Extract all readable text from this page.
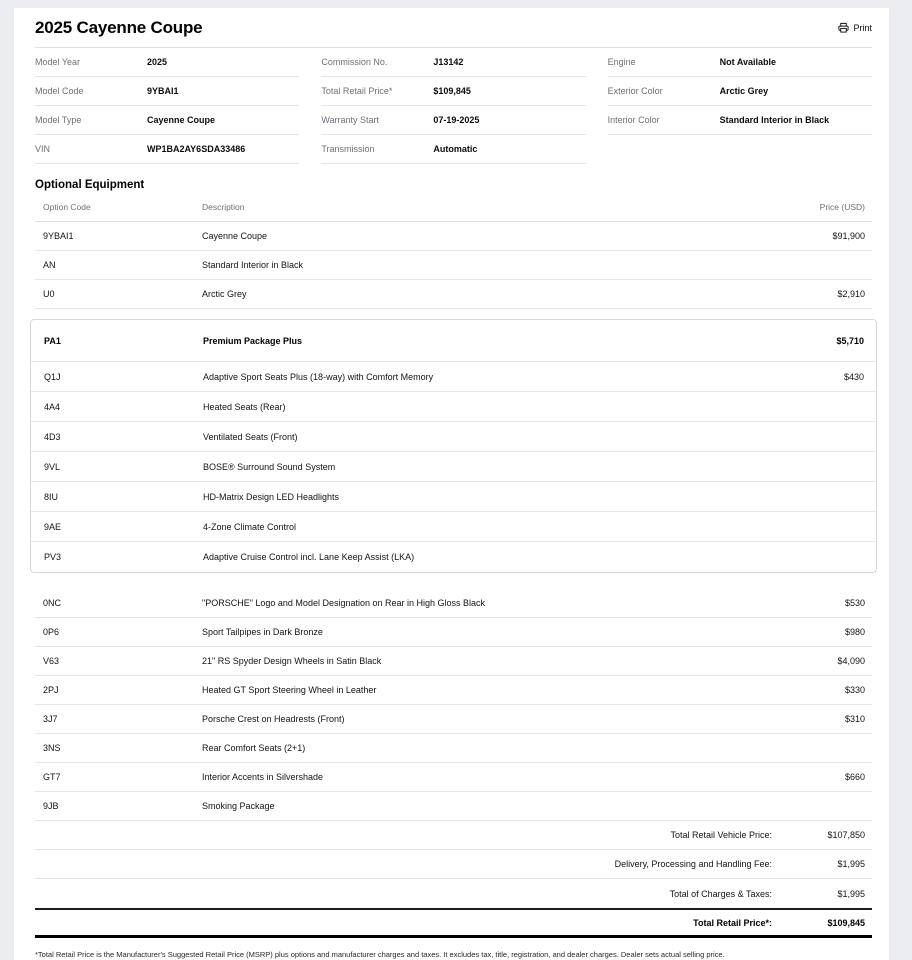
2025 Cayenne Coupe	Print
Model Year	2025
Model Code	9YBAI1
Model Type	Cayenne Coupe
VIN	WP1BA2AY6SDA33486
Commission No.	J13142
Total Retail Price*	$109,845
Warranty Start	07-19-2025
Transmission	Automatic
Engine	Not Available
Exterior Color	Arctic Grey
Interior Color	Standard Interior in Black
Optional Equipment
Option Code	Description	Price (USD)
9YBAI1	Cayenne Coupe	$91,900
AN	Standard Interior in Black
U0	Arctic Grey	$2,910
PA1	Premium Package Plus	$5,710
Q1J	Adaptive Sport Seats Plus (18-way) with Comfort Memory	$430
4A4	Heated Seats (Rear)
4D3	Ventilated Seats (Front)
9VL	BOSE® Surround Sound System
8IU	HD-Matrix Design LED Headlights
9AE	4-Zone Climate Control
PV3	Adaptive Cruise Control incl. Lane Keep Assist (LKA)
0NC	"PORSCHE" Logo and Model Designation on Rear in High Gloss Black	$530
0P6	Sport Tailpipes in Dark Bronze	$980
V63	21" RS Spyder Design Wheels in Satin Black	$4,090
2PJ	Heated GT Sport Steering Wheel in Leather	$330
3J7	Porsche Crest on Headrests (Front)	$310
3NS	Rear Comfort Seats (2+1)
GT7	Interior Accents in Silvershade	$660
9JB	Smoking Package
Total Retail Vehicle Price:	$107,850
Delivery, Processing and Handling Fee:	$1,995
Total of Charges & Taxes:	$1,995
Total Retail Price*:	$109,845

*Total Retail Price is the Manufacturer's Suggested Retail Price (MSRP) plus options and manufacturer charges and taxes. It excludes tax, title, registration, and dealer charges. Dealer sets actual selling price.
